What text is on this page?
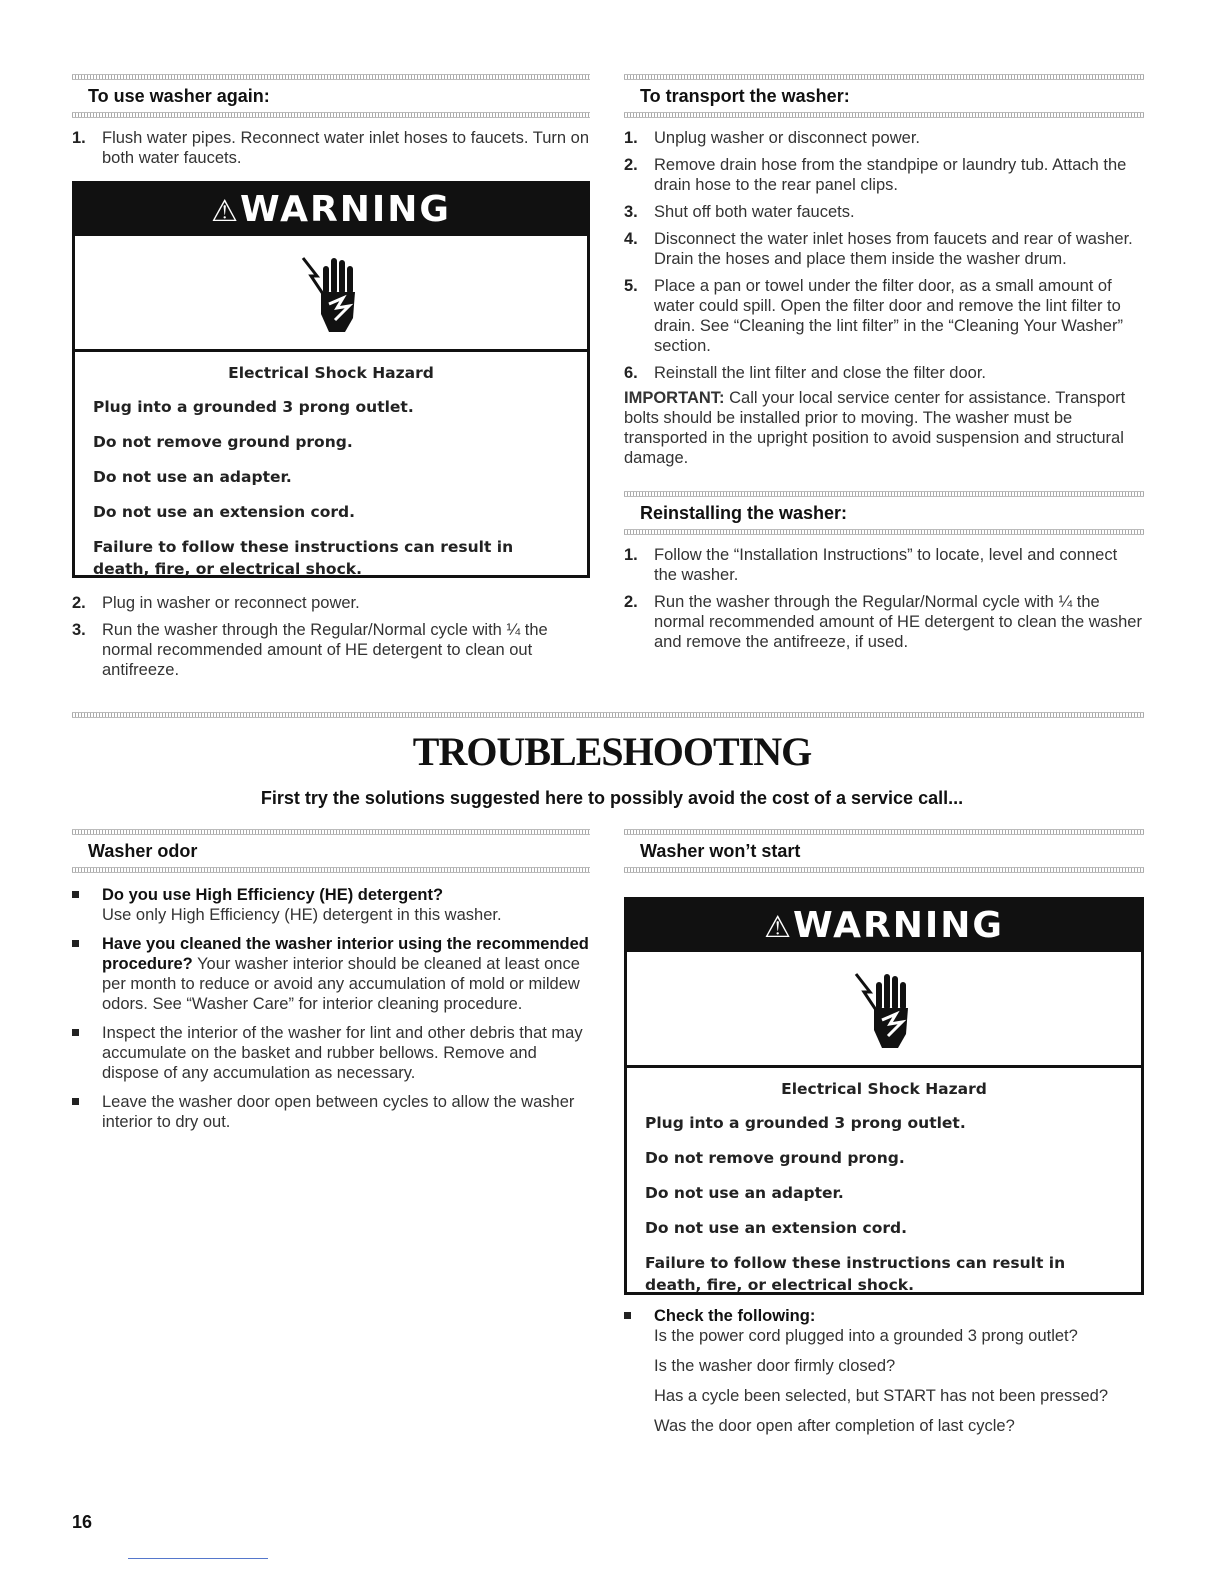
To use washer again:
1. Flush water pipes. Reconnect water inlet hoses to faucets. Turn on both water faucets.
⚠WARNING
Electrical Shock Hazard

Plug into a grounded 3 prong outlet.

Do not remove ground prong.

Do not use an adapter.

Do not use an extension cord.

Failure to follow these instructions can result in death, fire, or electrical shock.

2. Plug in washer or reconnect power.
3. Run the washer through the Regular/Normal cycle with ¼ the normal recommended amount of HE detergent to clean out antifreeze.
To transport the washer:
1. Unplug washer or disconnect power.
2. Remove drain hose from the standpipe or laundry tub. Attach the drain hose to the rear panel clips.
3. Shut off both water faucets.
4. Disconnect the water inlet hoses from faucets and rear of washer. Drain the hoses and place them inside the washer drum.
5. Place a pan or towel under the filter door, as a small amount of water could spill. Open the filter door and remove the lint filter to drain. See “Cleaning the lint filter” in the “Cleaning Your Washer” section.
6. Reinstall the lint filter and close the filter door.
IMPORTANT: Call your local service center for assistance. Transport bolts should be installed prior to moving. The washer must be transported in the upright position to avoid suspension and structural damage.
Reinstalling the washer:
1. Follow the “Installation Instructions” to locate, level and connect the washer.
2. Run the washer through the Regular/Normal cycle with ¼ the normal recommended amount of HE detergent to clean the washer and remove the antifreeze, if used.
TROUBLESHOOTING
First try the solutions suggested here to possibly avoid the cost of a service call...
Washer odor
Do you use High Efficiency (HE) detergent?
Use only High Efficiency (HE) detergent in this washer.
Have you cleaned the washer interior using the recommended procedure? Your washer interior should be cleaned at least once per month to reduce or avoid any accumulation of mold or mildew odors. See “Washer Care” for interior cleaning procedure.
Inspect the interior of the washer for lint and other debris that may accumulate on the basket and rubber bellows. Remove and dispose of any accumulation as necessary.
Leave the washer door open between cycles to allow the washer interior to dry out.
Washer won’t start
⚠WARNING
Electrical Shock Hazard

Plug into a grounded 3 prong outlet.

Do not remove ground prong.

Do not use an adapter.

Do not use an extension cord.

Failure to follow these instructions can result in death, fire, or electrical shock.

Check the following:
Is the power cord plugged into a grounded 3 prong outlet?
Is the washer door firmly closed?
Has a cycle been selected, but START has not been pressed?
Was the door open after completion of last cycle?
16
